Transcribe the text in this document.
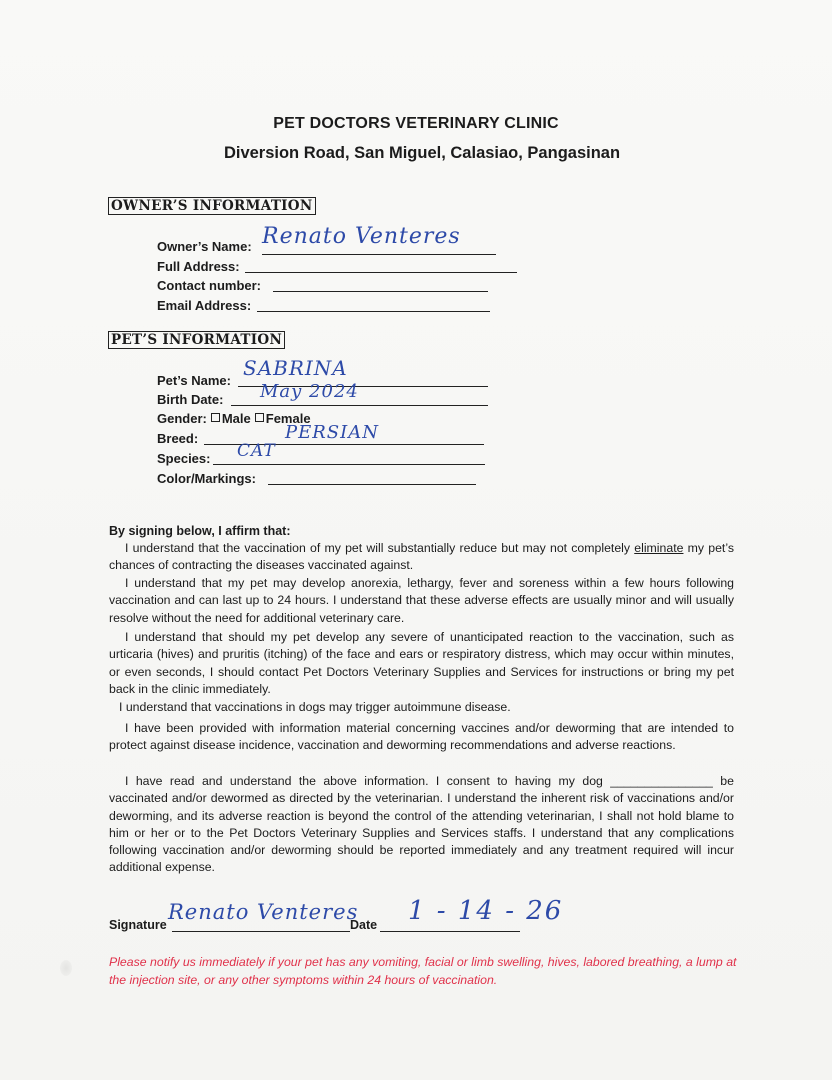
PET DOCTORS VETERINARY CLINIC
Diversion Road, San Miguel, Calasiao, Pangasinan
OWNER’S INFORMATION
Owner’s Name: Renato Venteres
Full Address:
Contact number:
Email Address:
PET’S INFORMATION
Pet’s Name:
SABRINA
Birth Date: May 2024
Gender: Male Female
Breed:	PERSIAN
Species: CAT
Color/Markings:
By signing below, I affirm that:
I understand that the vaccination of my pet will substantially reduce but may not completely eliminate my pet’s chances of contracting the diseases vaccinated against.
I understand that my pet may develop anorexia, lethargy, fever and soreness within a few hours following vaccination and can last up to 24 hours. I understand that these adverse effects are usually minor and will usually resolve without the need for additional veterinary care.
I understand that should my pet develop any severe of unanticipated reaction to the vaccination, such as urticaria (hives) and pruritis (itching) of the face and ears or respiratory distress, which may occur within minutes, or even seconds, I should contact Pet Doctors Veterinary Supplies and Services for instructions or bring my pet back in the clinic immediately.
I understand that vaccinations in dogs may trigger autoimmune disease.
I have been provided with information material concerning vaccines and/or deworming that are intended to protect against disease incidence, vaccination and deworming recommendations and adverse reactions.
I have read and understand the above information. I consent to having my dog _______________ be vaccinated and/or dewormed as directed by the veterinarian. I understand the inherent risk of vaccinations and/or deworming, and its adverse reaction is beyond the control of the attending veterinarian, I shall not hold blame to him or her or to the Pet Doctors Veterinary Supplies and Services staffs. I understand that any complications following vaccination and/or deworming should be reported immediately and any treatment required will incur additional expense.
Signature
Renato Venteres
Date 1 - 14 - 26
Please notify us immediately if your pet has any vomiting, facial or limb swelling, hives, labored breathing, a lump at the injection site, or any other symptoms within 24 hours of vaccination.
